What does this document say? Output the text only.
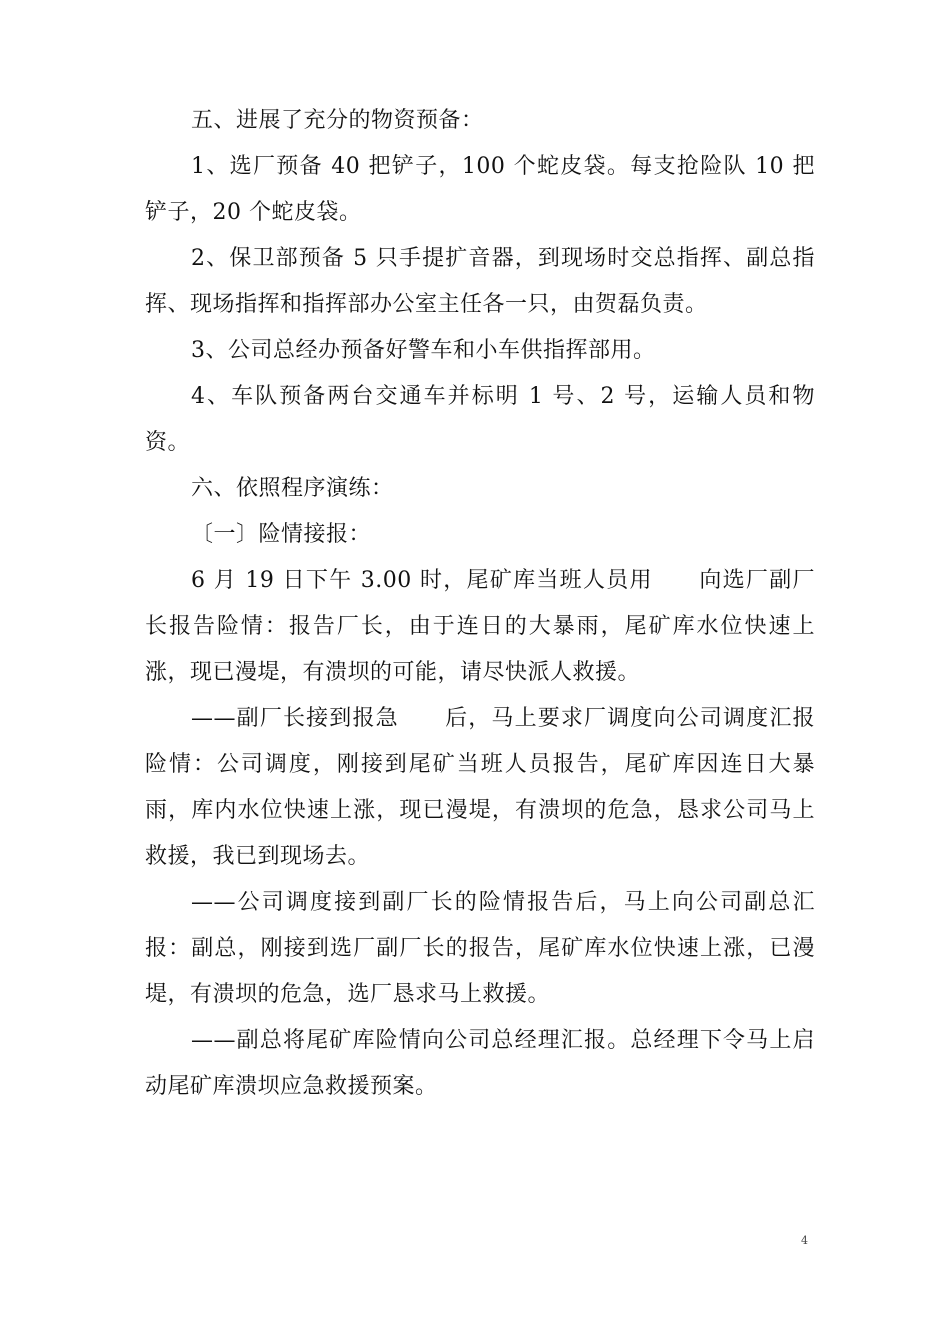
五、进展了充分的物资预备：

1、选厂预备 40 把铲子，100 个蛇皮袋。每支抢险队 10 把铲子，20 个蛇皮袋。

2、保卫部预备 5 只手提扩音器，到现场时交总指挥、副总指挥、现场指挥和指挥部办公室主任各一只，由贺磊负责。

3、公司总经办预备好警车和小车供指挥部用。

4、车队预备两台交通车并标明 1 号、2 号，运输人员和物资。

六、依照程序演练：

〔一〕险情接报：

6 月 19 日下午 3.00 时，尾矿库当班人员用　　向选厂副厂长报告险情：报告厂长，由于连日的大暴雨，尾矿库水位快速上涨，现已漫堤，有溃坝的可能，请尽快派人救援。

——副厂长接到报急　　后，马上要求厂调度向公司调度汇报险情：公司调度，刚接到尾矿当班人员报告，尾矿库因连日大暴雨，库内水位快速上涨，现已漫堤，有溃坝的危急，恳求公司马上救援，我已到现场去。

——公司调度接到副厂长的险情报告后，马上向公司副总汇报：副总，刚接到选厂副厂长的报告，尾矿库水位快速上涨，已漫堤，有溃坝的危急，选厂恳求马上救援。

——副总将尾矿库险情向公司总经理汇报。总经理下令马上启动尾矿库溃坝应急救援预案。

4
